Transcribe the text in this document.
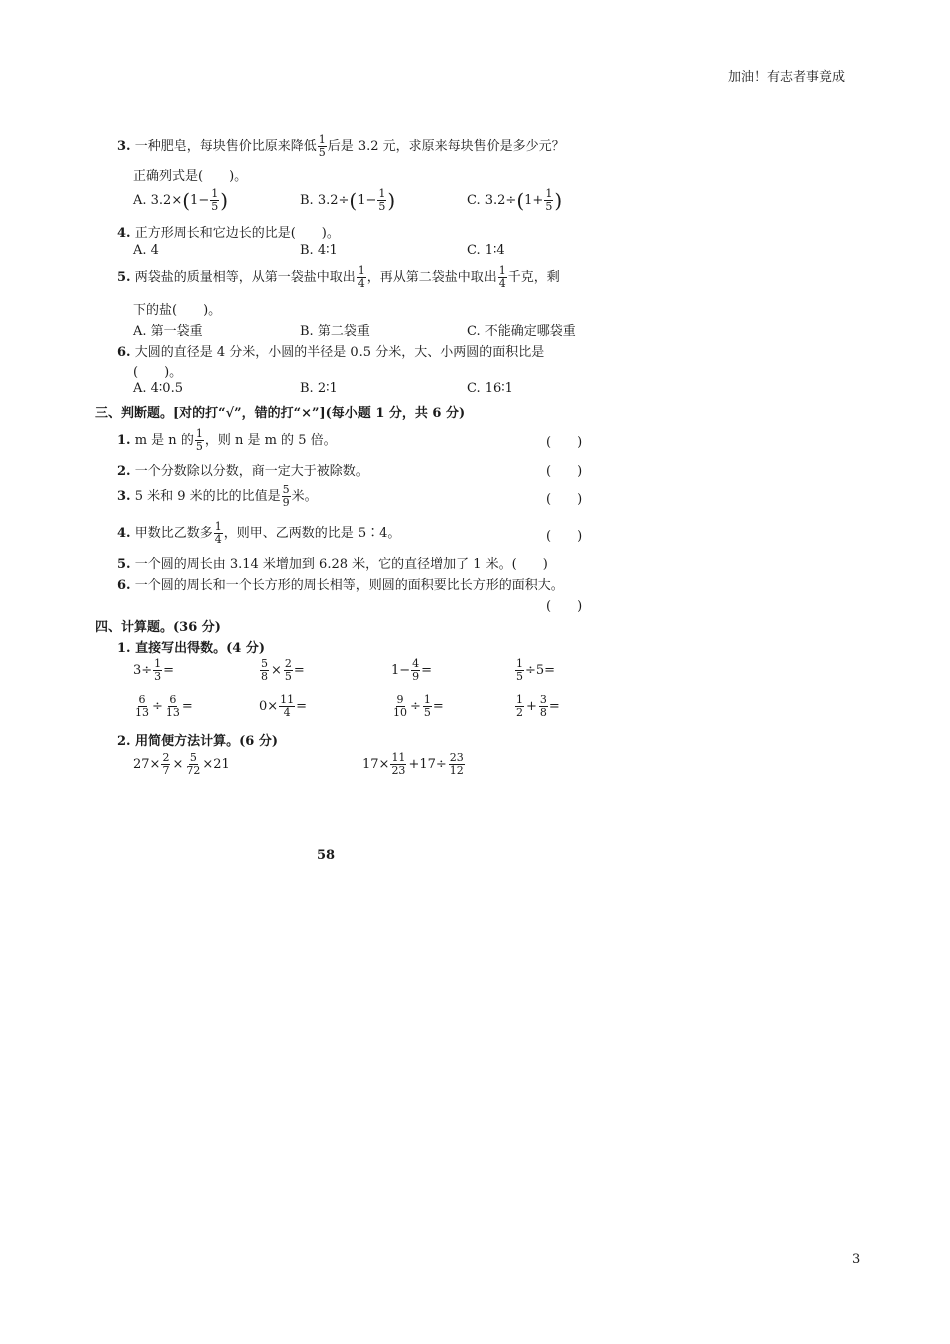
加油！有志者事竟成
3. 一种肥皂，每块售价比原来降低 $\frac{1}{5}$ 后是 3.2 元，求原来每块售价是多少元？
正确列式是(　　)。
A. $3.2\times(1- \frac{1}{5}$ )	B. $3.2\div(1- \frac{1}{5}$ )	C. $3.2\div(1+ \frac{1}{5}$ )
4. 正方形周长和它边长的比是(　　)。
A. 4	B. 4∶1	C. 1∶4
5. 两袋盐的质量相等，从第一袋盐中取出 $\frac{1}{4}$ ，再从第二袋盐中取出 $\frac{1}{4}$ 千克，剩
下的盐(　　)。
A. 第一袋重	B. 第二袋重	C. 不能确定哪袋重
6. 大圆的直径是 4 分米，小圆的半径是 0.5 分米，大、小两圆的面积比是
(　　)。
A. 4∶0.5	B. 2∶1	C. 16∶1
三、判断题。[对的打“√”，错的打“×”](每小题 1 分，共 6 分)
1. m 是 n 的 $\frac{1}{5}$ ，则 n 是 m 的 5 倍。	(　　)
2. 一个分数除以分数，商一定大于被除数。	(　　)
3. 5 米和 9 米的比的比值是 $\frac{5}{9}$ 米。	(　　)
4. 甲数比乙数多 $\frac{1}{4}$ ，则甲、乙两数的比是 5∶4。	(　　)
5. 一个圆的周长由 3.14 米增加到 6.28 米，它的直径增加了 1 米。(　　)
6. 一个圆的周长和一个长方形的周长相等，则圆的面积要比长方形的面积大。
(　　)
四、计算题。(36 分)
1. 直接写出得数。(4 分)
$3\div \frac{1}{3}$ =	$\frac{5}{8} \times \frac{2}{5}$ =	$1- \frac{4}{9}$ =	$\frac{1}{5} \div 5=$
$\frac{6}{13} \div \frac{6}{13}$ =	$0\times \frac{11}{4}$ =	$\frac{9}{10} \div \frac{1}{5}$ =	$\frac{1}{2} + \frac{3}{8}$ =
2. 用简便方法计算。(6 分)
$27\times \frac{2}{7} \times \frac{5}{72} \times 21$	$17\times \frac{11}{23} +17\div \frac{23}{12}$
58
3
